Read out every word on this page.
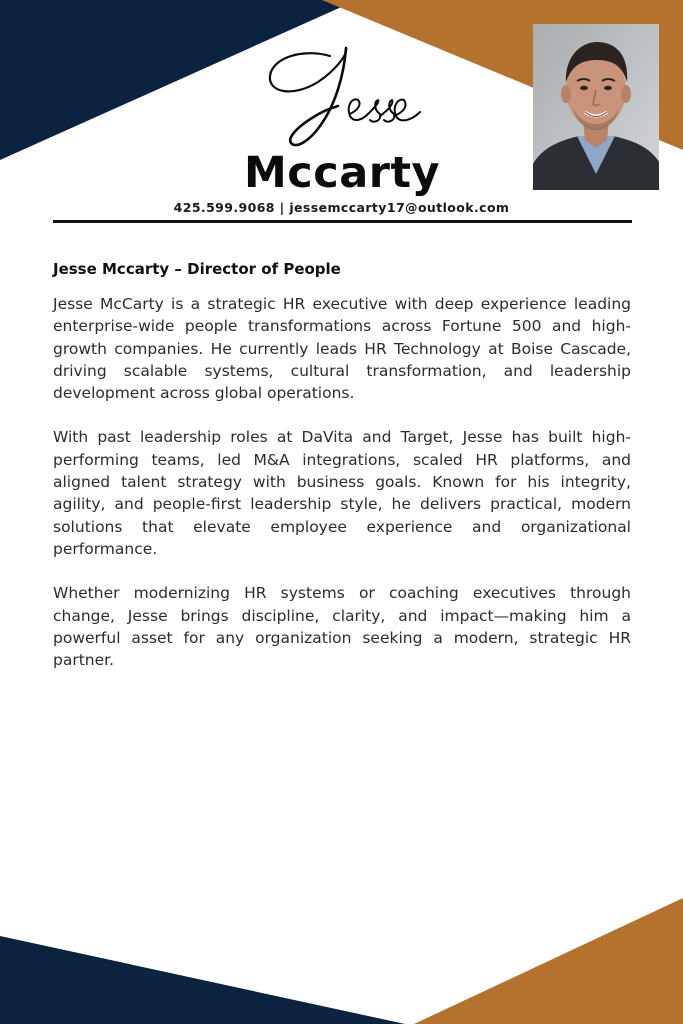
Mccarty
425.599.9068 | jessemccarty17@outlook.com

Jesse Mccarty – Director of People

Jesse McCarty is a strategic HR executive with deep experience leading enterprise-wide people transformations across Fortune 500 and high-growth companies. He currently leads HR Technology at Boise Cascade, driving scalable systems, cultural transformation, and leadership development across global operations.

With past leadership roles at DaVita and Target, Jesse has built high-performing teams, led M&A integrations, scaled HR platforms, and aligned talent strategy with business goals. Known for his integrity, agility, and people-first leadership style, he delivers practical, modern solutions that elevate employee experience and organizational performance.

Whether modernizing HR systems or coaching executives through change, Jesse brings discipline, clarity, and impact—making him a powerful asset for any organization seeking a modern, strategic HR partner.
